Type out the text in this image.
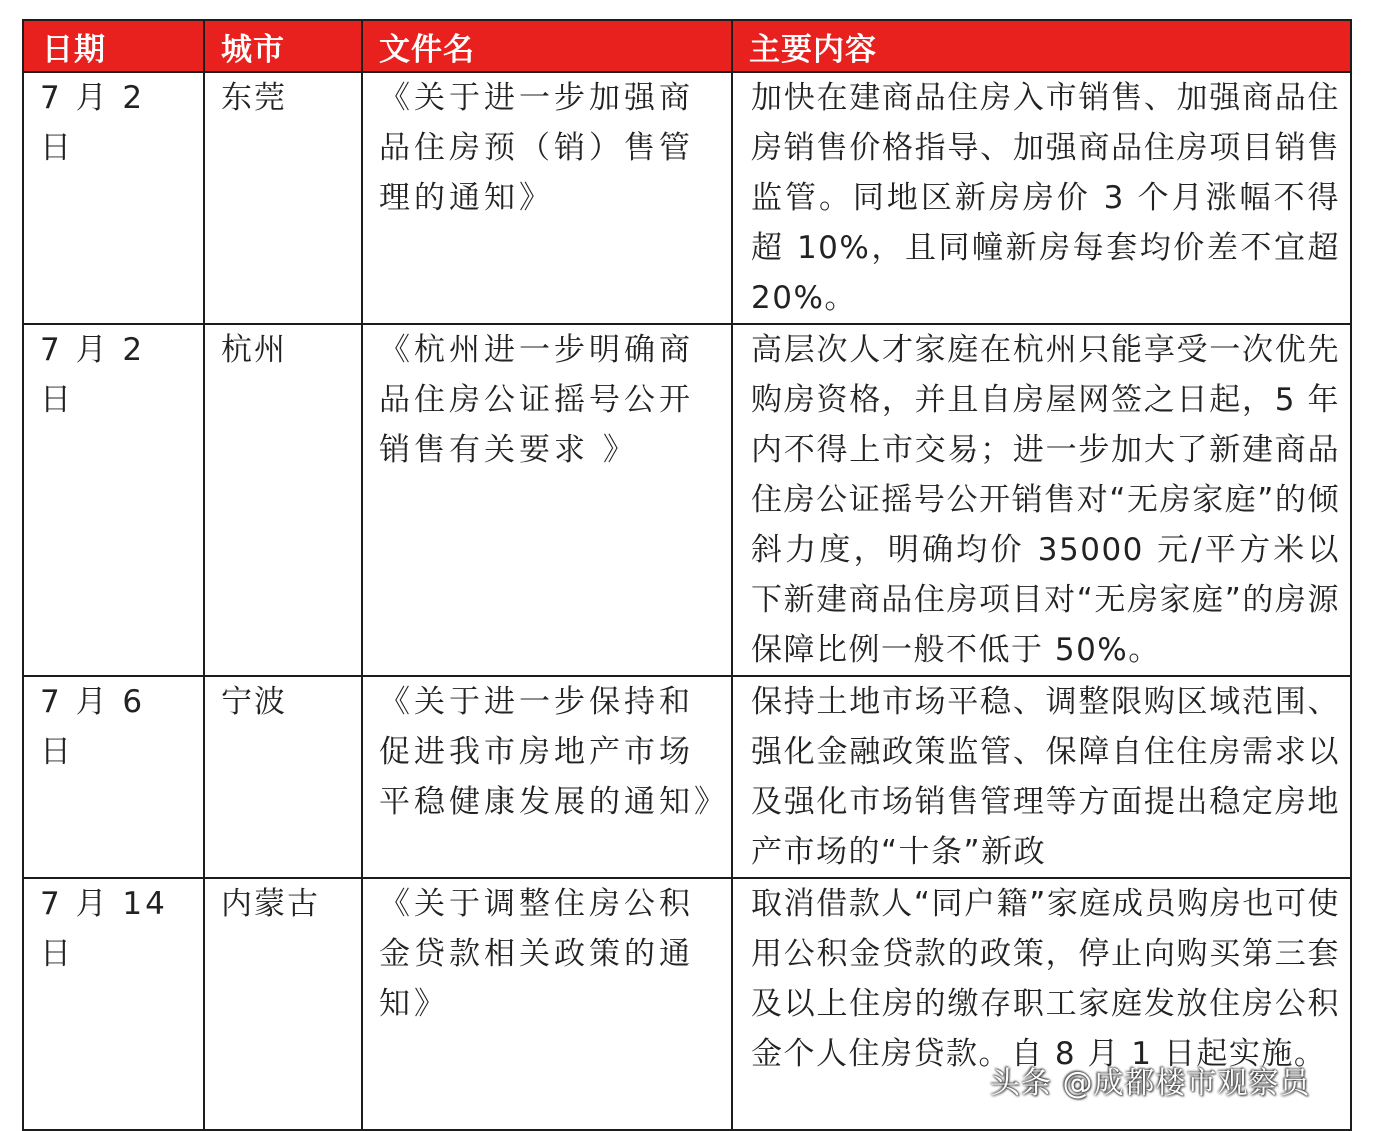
日期	城市	文件名	主要内容
7 月 2 日	东莞	《关于进一步加强商品住房预（销）售管理的通知》	加快在建商品住房入市销售、加强商品住房销售价格指导、加强商品住房项目销售监管。同地区新房房价 3 个月涨幅不得超 10%，且同幢新房每套均价差不宜超 20%。
7 月 2 日	杭州	《杭州进一步明确商品住房公证摇号公开销售有关要求 》	高层次人才家庭在杭州只能享受一次优先购房资格，并且自房屋网签之日起，5 年内不得上市交易；进一步加大了新建商品住房公证摇号公开销售对“无房家庭”的倾斜力度，明确均价 35000 元/平方米以下新建商品住房项目对“无房家庭”的房源保障比例一般不低于 50%。
7 月 6 日	宁波	《关于进一步保持和促进我市房地产市场平稳健康发展的通知》	保持土地市场平稳、调整限购区域范围、强化金融政策监管、保障自住住房需求以及强化市场销售管理等方面提出稳定房地产市场的“十条”新政
7 月 14 日	内蒙古	《关于调整住房公积金贷款相关政策的通知》	取消借款人“同户籍”家庭成员购房也可使用公积金贷款的政策，停止向购买第三套及以上住房的缴存职工家庭发放住房公积金个人住房贷款。自 8 月 1 日起实施。
头条 @成都楼市观察员
